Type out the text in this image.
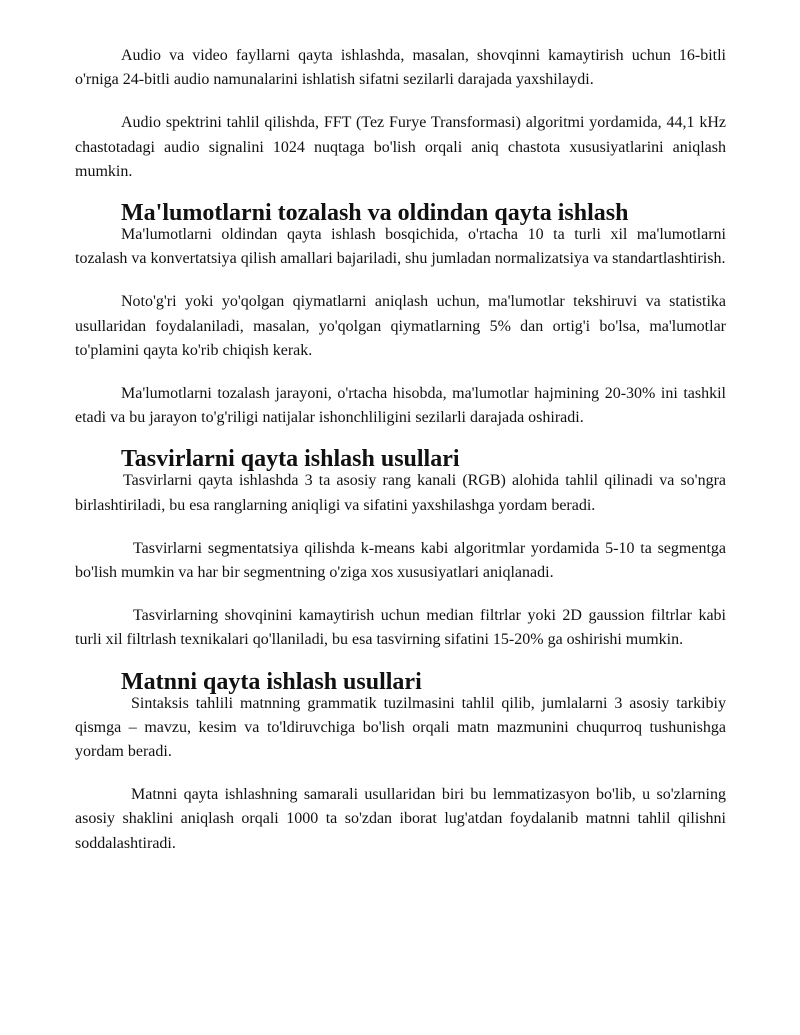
Audio va video fayllarni qayta ishlashda, masalan, shovqinni kamaytirish uchun 16-bitli o'rniga 24-bitli audio namunalarini ishlatish sifatni sezilarli darajada yaxshilaydi.

Audio spektrini tahlil qilishda, FFT (Tez Furye Transformasi) algoritmi yordamida, 44,1 kHz chastotadagi audio signalini 1024 nuqtaga bo'lish orqali aniq chastota xususiyatlarini aniqlash mumkin.

Ma'lumotlarni tozalash va oldindan qayta ishlash

Ma'lumotlarni oldindan qayta ishlash bosqichida, o'rtacha 10 ta turli xil ma'lumotlarni tozalash va konvertatsiya qilish amallari bajariladi, shu jumladan normalizatsiya va standartlashtirish.

Noto'g'ri yoki yo'qolgan qiymatlarni aniqlash uchun, ma'lumotlar tekshiruvi va statistika usullaridan foydalaniladi, masalan, yo'qolgan qiymatlarning 5% dan ortig'i bo'lsa, ma'lumotlar to'plamini qayta ko'rib chiqish kerak.

Ma'lumotlarni tozalash jarayoni, o'rtacha hisobda, ma'lumotlar hajmining 20-30% ini tashkil etadi va bu jarayon to'g'riligi natijalar ishonchliligini sezilarli darajada oshiradi.

Tasvirlarni qayta ishlash usullari

Tasvirlarni qayta ishlashda 3 ta asosiy rang kanali (RGB) alohida tahlil qilinadi va so'ngra birlashtiriladi, bu esa ranglarning aniqligi va sifatini yaxshilashga yordam beradi.

Tasvirlarni segmentatsiya qilishda k-means kabi algoritmlar yordamida 5-10 ta segmentga bo'lish mumkin va har bir segmentning o'ziga xos xususiyatlari aniqlanadi.

Tasvirlarning shovqinini kamaytirish uchun median filtrlar yoki 2D gaussion filtrlar kabi turli xil filtrlash texnikalari qo'llaniladi, bu esa tasvirning sifatini 15-20% ga oshirishi mumkin.

Matnni qayta ishlash usullari

Sintaksis tahlili matnning grammatik tuzilmasini tahlil qilib, jumlalarni 3 asosiy tarkibiy qismga – mavzu, kesim va to'ldiruvchiga bo'lish orqali matn mazmunini chuqurroq tushunishga yordam beradi.

Matnni qayta ishlashning samarali usullaridan biri bu lemmatizasyon bo'lib, u so'zlarning asosiy shaklini aniqlash orqali 1000 ta so'zdan iborat lug'atdan foydalanib matnni tahlil qilishni soddalashtiradi.
